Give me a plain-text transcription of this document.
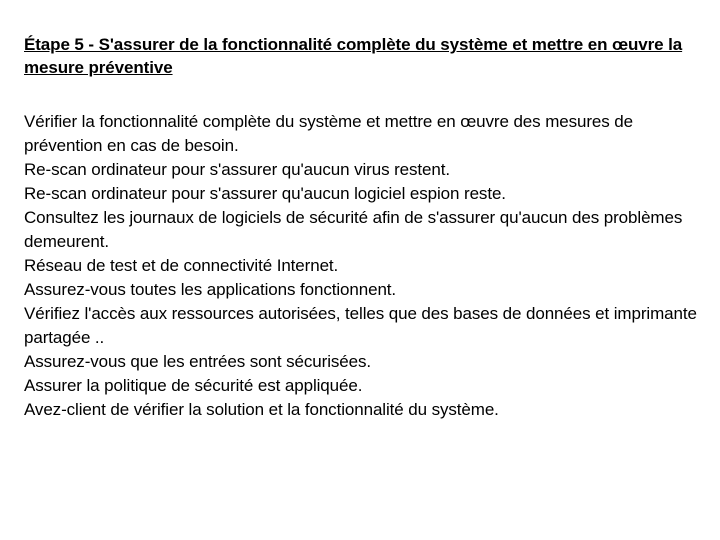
Étape 5 - S'assurer de la fonctionnalité complète du système et mettre en œuvre la mesure préventive
Vérifier la fonctionnalité complète du système et mettre en œuvre des mesures de prévention en cas de besoin.
Re-scan ordinateur pour s'assurer qu'aucun virus restent.
Re-scan ordinateur pour s'assurer qu'aucun logiciel espion reste.
Consultez les journaux de logiciels de sécurité afin de s'assurer qu'aucun des problèmes demeurent.
Réseau de test et de connectivité Internet.
Assurez-vous toutes les applications fonctionnent.
Vérifiez l'accès aux ressources autorisées, telles que des bases de données et imprimante partagée ..
Assurez-vous que les entrées sont sécurisées.
Assurer la politique de sécurité est appliquée.
Avez-client de vérifier la solution et la fonctionnalité du système.
